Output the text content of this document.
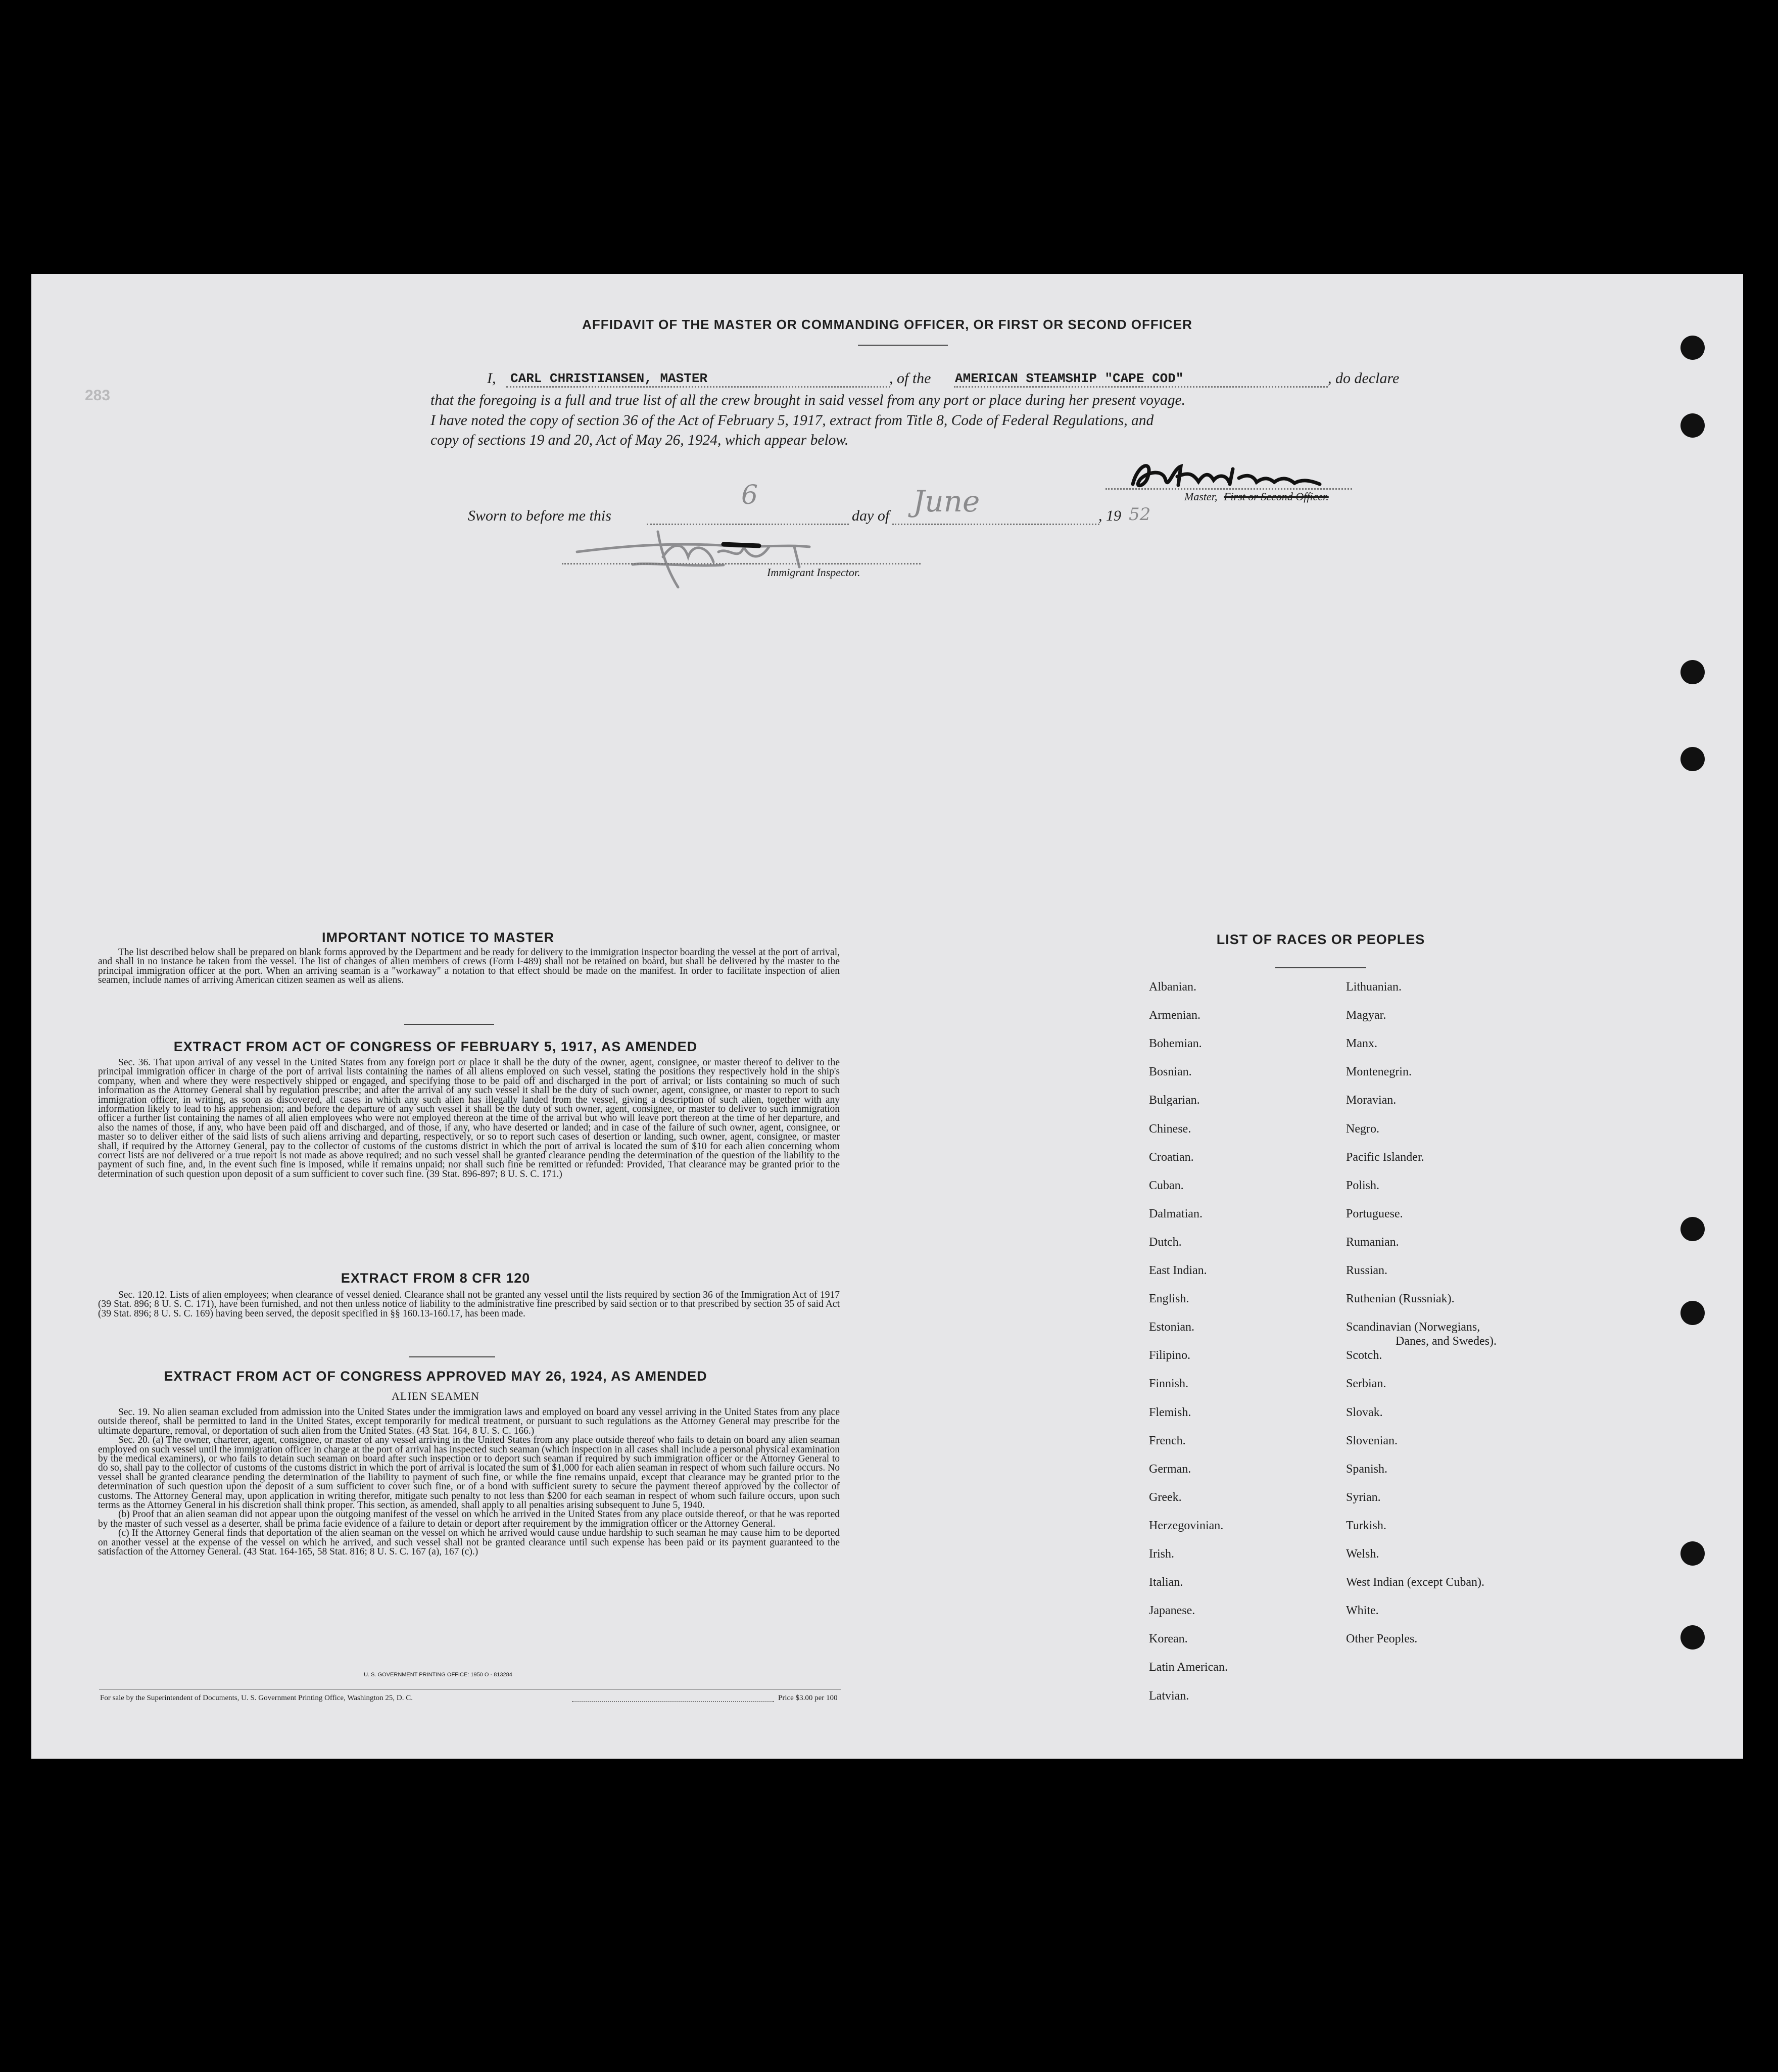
283
AFFIDAVIT OF THE MASTER OR COMMANDING OFFICER, OR FIRST OR SECOND OFFICER
I, CARL CHRISTIANSEN, MASTER	, of the AMERICAN STEAMSHIP "CAPE COD"	, do declare
that the foregoing is a full and true list of all the crew brought in said vessel from any port or place during her present voyage.
I have noted the copy of section 36 of the Act of February 5, 1917, extract from Title 8, Code of Federal Regulations, and
copy of sections 19 and 20, Act of May 26, 1924, which appear below.
Master, First or Second Officer.
Sworn to before me this
6
day of June	, 19 52
Immigrant Inspector.
IMPORTANT NOTICE TO MASTER

The list described below shall be prepared on blank forms approved by the Department and be ready for delivery to the immigration inspector boarding the vessel at the port of arrival, and shall in no instance be taken from the vessel. The list of changes of alien members of crews (Form I-489) shall not be retained on board, but shall be delivered by the master to the principal immigration officer at the port. When an arriving seaman is a "workaway" a notation to that effect should be made on the manifest. In order to facilitate inspection of alien seamen, include names of arriving American citizen seamen as well as aliens.

EXTRACT FROM ACT OF CONGRESS OF FEBRUARY 5, 1917, AS AMENDED

Sec. 36. That upon arrival of any vessel in the United States from any foreign port or place it shall be the duty of the owner, agent, consignee, or master thereof to deliver to the principal immigration officer in charge of the port of arrival lists containing the names of all aliens employed on such vessel, stating the positions they respectively hold in the ship's company, when and where they were respectively shipped or engaged, and specifying those to be paid off and discharged in the port of arrival; or lists containing so much of such information as the Attorney General shall by regulation prescribe; and after the arrival of any such vessel it shall be the duty of such owner, agent, consignee, or master to report to such immigration officer, in writing, as soon as discovered, all cases in which any such alien has illegally landed from the vessel, giving a description of such alien, together with any information likely to lead to his apprehension; and before the departure of any such vessel it shall be the duty of such owner, agent, consignee, or master to deliver to such immigration officer a further list containing the names of all alien employees who were not employed thereon at the time of the arrival but who will leave port thereon at the time of her departure, and also the names of those, if any, who have been paid off and discharged, and of those, if any, who have deserted or landed; and in case of the failure of such owner, agent, consignee, or master so to deliver either of the said lists of such aliens arriving and departing, respectively, or so to report such cases of desertion or landing, such owner, agent, consignee, or master shall, if required by the Attorney General, pay to the collector of customs of the customs district in which the port of arrival is located the sum of $10 for each alien concerning whom correct lists are not delivered or a true report is not made as above required; and no such vessel shall be granted clearance pending the determination of the question of the liability to the payment of such fine, and, in the event such fine is imposed, while it remains unpaid; nor shall such fine be remitted or refunded: Provided, That clearance may be granted prior to the determination of such question upon deposit of a sum sufficient to cover such fine. (39 Stat. 896-897; 8 U. S. C. 171.)

EXTRACT FROM 8 CFR 120

Sec. 120.12. Lists of alien employees; when clearance of vessel denied. Clearance shall not be granted any vessel until the lists required by section 36 of the Immigration Act of 1917 (39 Stat. 896; 8 U. S. C. 171), have been furnished, and not then unless notice of liability to the administrative fine prescribed by said section or to that prescribed by section 35 of said Act (39 Stat. 896; 8 U. S. C. 169) having been served, the deposit specified in §§ 160.13-160.17, has been made.

EXTRACT FROM ACT OF CONGRESS APPROVED MAY 26, 1924, AS AMENDED
ALIEN SEAMEN

Sec. 19. No alien seaman excluded from admission into the United States under the immigration laws and employed on board any vessel arriving in the United States from any place outside thereof, shall be permitted to land in the United States, except temporarily for medical treatment, or pursuant to such regulations as the Attorney General may prescribe for the ultimate departure, removal, or deportation of such alien from the United States. (43 Stat. 164, 8 U. S. C. 166.)

Sec. 20. (a) The owner, charterer, agent, consignee, or master of any vessel arriving in the United States from any place outside thereof who fails to detain on board any alien seaman employed on such vessel until the immigration officer in charge at the port of arrival has inspected such seaman (which inspection in all cases shall include a personal physical examination by the medical examiners), or who fails to detain such seaman on board after such inspection or to deport such seaman if required by such immigration officer or the Attorney General to do so, shall pay to the collector of customs of the customs district in which the port of arrival is located the sum of $1,000 for each alien seaman in respect of whom such failure occurs. No vessel shall be granted clearance pending the determination of the liability to payment of such fine, or while the fine remains unpaid, except that clearance may be granted prior to the determination of such question upon the deposit of a sum sufficient to cover such fine, or of a bond with sufficient surety to secure the payment thereof approved by the collector of customs. The Attorney General may, upon application in writing therefor, mitigate such penalty to not less than $200 for each seaman in respect of whom such failure occurs, upon such terms as the Attorney General in his discretion shall think proper. This section, as amended, shall apply to all penalties arising subsequent to June 5, 1940.

(b) Proof that an alien seaman did not appear upon the outgoing manifest of the vessel on which he arrived in the United States from any place outside thereof, or that he was reported by the master of such vessel as a deserter, shall be prima facie evidence of a failure to detain or deport after requirement by the immigration officer or the Attorney General.

(c) If the Attorney General finds that deportation of the alien seaman on the vessel on which he arrived would cause undue hardship to such seaman he may cause him to be deported on another vessel at the expense of the vessel on which he arrived, and such vessel shall not be granted clearance until such expense has been paid or its payment guaranteed to the satisfaction of the Attorney General. (43 Stat. 164-165, 58 Stat. 816; 8 U. S. C. 167 (a), 167 (c).)

U. S. GOVERNMENT PRINTING OFFICE: 1950 O - 813284
For sale by the Superintendent of Documents, U. S. Government Printing Office, Washington 25, D. C.	Price $3.00 per 100
LIST OF RACES OR PEOPLES
Albanian.
Armenian.
Bohemian.
Bosnian.
Bulgarian.
Chinese.
Croatian.
Cuban.
Dalmatian.
Dutch.
East Indian.
English.
Estonian.
Filipino.
Finnish.
Flemish.
French.
German.
Greek.
Herzegovinian.
Irish.
Italian.
Japanese.
Korean.
Latin American.
Latvian.
Lithuanian.
Magyar.
Manx.
Montenegrin.
Moravian.
Negro.
Pacific Islander.
Polish.
Portuguese.
Rumanian.
Russian.
Ruthenian (Russniak).
Scandinavian (Norwegians,
Danes, and Swedes).
Scotch.
Serbian.
Slovak.
Slovenian.
Spanish.
Syrian.
Turkish.
Welsh.
West Indian (except Cuban).
White.
Other Peoples.
